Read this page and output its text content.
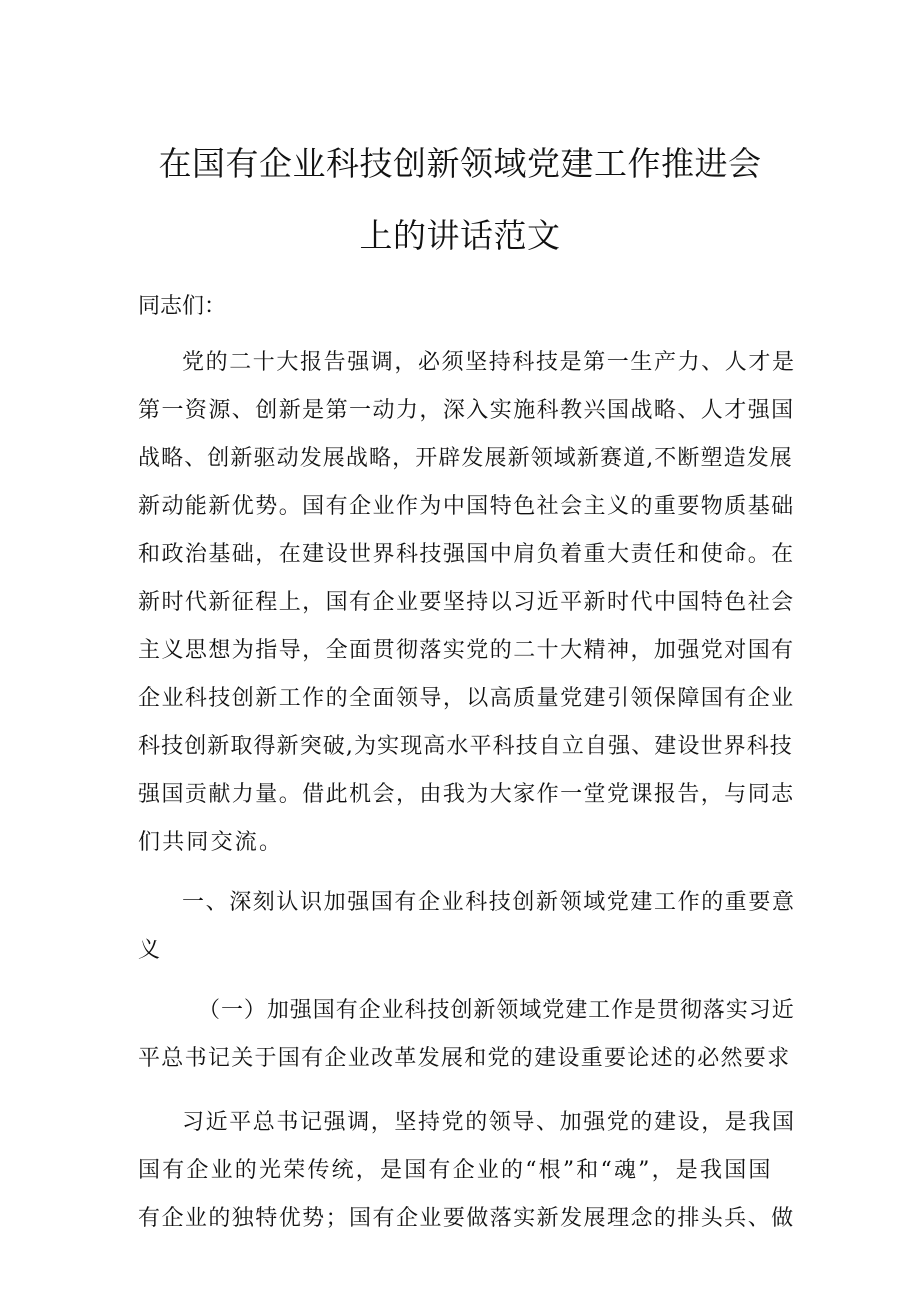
在国有企业科技创新领域党建工作推进会
上的讲话范文

同志们：

党的二十大报告强调，必须坚持科技是第一生产力、人才是

第一资源、创新是第一动力，深入实施科教兴国战略、人才强国

战略、创新驱动发展战略，开辟发展新领域新赛道,不断塑造发展

新动能新优势。国有企业作为中国特色社会主义的重要物质基础

和政治基础，在建设世界科技强国中肩负着重大责任和使命。在

新时代新征程上，国有企业要坚持以习近平新时代中国特色社会

主义思想为指导，全面贯彻落实党的二十大精神，加强党对国有

企业科技创新工作的全面领导，以高质量党建引领保障国有企业

科技创新取得新突破,为实现高水平科技自立自强、建设世界科技

强国贡献力量。借此机会，由我为大家作一堂党课报告，与同志

们共同交流。

一、深刻认识加强国有企业科技创新领域党建工作的重要意

义

（一）加强国有企业科技创新领域党建工作是贯彻落实习近

平总书记关于国有企业改革发展和党的建设重要论述的必然要求

习近平总书记强调，坚持党的领导、加强党的建设，是我国

国有企业的光荣传统，是国有企业的“根”和“魂”，是我国国

有企业的独特优势；国有企业要做落实新发展理念的排头兵、做
